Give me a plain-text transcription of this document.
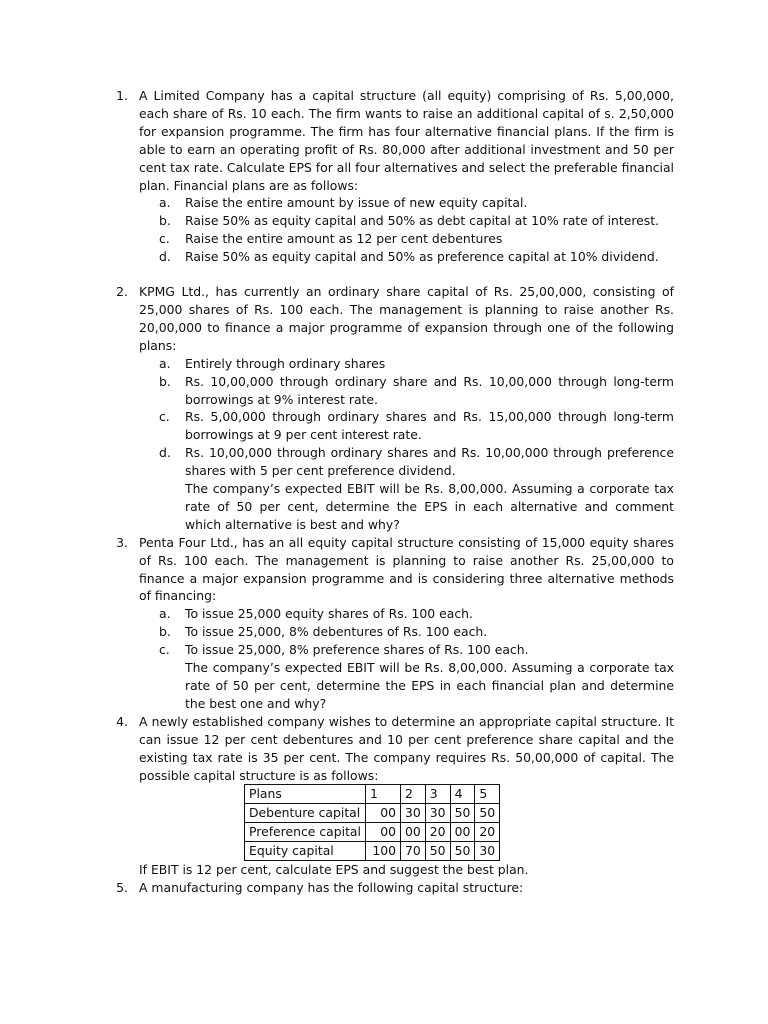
1. A Limited Company has a capital structure (all equity) comprising of Rs. 5,00,000, each share of Rs. 10 each. The firm wants to raise an additional capital of s. 2,50,000 for expansion programme. The firm has four alternative financial plans. If the firm is able to earn an operating profit of Rs. 80,000 after additional investment and 50 per cent tax rate. Calculate EPS for all four alternatives and select the preferable financial plan. Financial plans are as follows:
a. Raise the entire amount by issue of new equity capital.
b. Raise 50% as equity capital and 50% as debt capital at 10% rate of interest.
c. Raise the entire amount as 12 per cent debentures
d. Raise 50% as equity capital and 50% as preference capital at 10% dividend.
2. KPMG Ltd., has currently an ordinary share capital of Rs. 25,00,000, consisting of 25,000 shares of Rs. 100 each. The management is planning to raise another Rs. 20,00,000 to finance a major programme of expansion through one of the following plans:
a. Entirely through ordinary shares
b. Rs. 10,00,000 through ordinary share and Rs. 10,00,000 through long-term borrowings at 9% interest rate.
c. Rs. 5,00,000 through ordinary shares and Rs. 15,00,000 through long-term borrowings at 9 per cent interest rate.
d. Rs. 10,00,000 through ordinary shares and Rs. 10,00,000 through preference shares with 5 per cent preference dividend.
The company’s expected EBIT will be Rs. 8,00,000. Assuming a corporate tax rate of 50 per cent, determine the EPS in each alternative and comment which alternative is best and why?
3. Penta Four Ltd., has an all equity capital structure consisting of 15,000 equity shares of Rs. 100 each. The management is planning to raise another Rs. 25,00,000 to finance a major expansion programme and is considering three alternative methods of financing:
a. To issue 25,000 equity shares of Rs. 100 each.
b. To issue 25,000, 8% debentures of Rs. 100 each.
c. To issue 25,000, 8% preference shares of Rs. 100 each.
The company’s expected EBIT will be Rs. 8,00,000. Assuming a corporate tax rate of 50 per cent, determine the EPS in each financial plan and determine the best one and why?
4. A newly established company wishes to determine an appropriate capital structure. It can issue 12 per cent debentures and 10 per cent preference share capital and the existing tax rate is 35 per cent. The company requires Rs. 50,00,000 of capital. The possible capital structure is as follows:
Plans	1	2	3	4	5
Debenture capital	00	30	30	50	50
Preference capital	00	00	20	00	20
Equity capital	100	70	50	50	30
If EBIT is 12 per cent, calculate EPS and suggest the best plan.
5. A manufacturing company has the following capital structure:
